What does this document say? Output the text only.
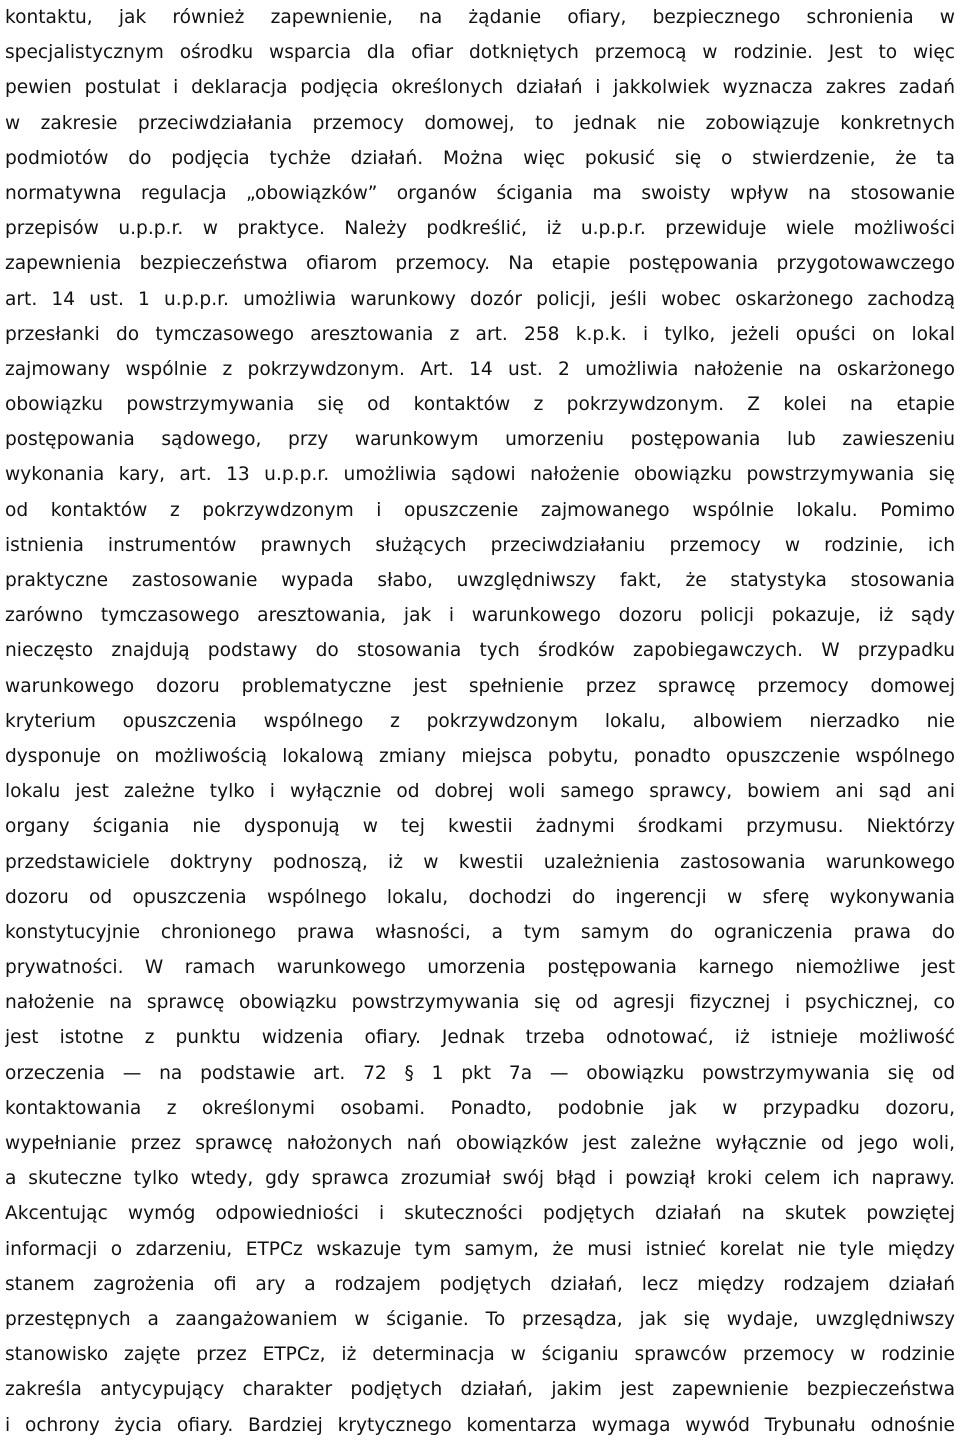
kontaktu, jak również zapewnienie, na żądanie ofiary, bezpiecznego schronienia w
specjalistycznym ośrodku wsparcia dla ofiar dotkniętych przemocą w rodzinie. Jest to więc
pewien postulat i deklaracja podjęcia określonych działań i jakkolwiek wyznacza zakres zadań
w zakresie przeciwdziałania przemocy domowej, to jednak nie zobowiązuje konkretnych
podmiotów do podjęcia tychże działań. Można więc pokusić się o stwierdzenie, że ta
normatywna regulacja „obowiązków” organów ścigania ma swoisty wpływ na stosowanie
przepisów u.p.p.r. w praktyce. Należy podkreślić, iż u.p.p.r. przewiduje wiele możliwości
zapewnienia bezpieczeństwa ofiarom przemocy. Na etapie postępowania przygotowawczego
art. 14 ust. 1 u.p.p.r. umożliwia warunkowy dozór policji, jeśli wobec oskarżonego zachodzą
przesłanki do tymczasowego aresztowania z art. 258 k.p.k. i tylko, jeżeli opuści on lokal
zajmowany wspólnie z pokrzywdzonym. Art. 14 ust. 2 umożliwia nałożenie na oskarżonego
obowiązku powstrzymywania się od kontaktów z pokrzywdzonym. Z kolei na etapie
postępowania sądowego, przy warunkowym umorzeniu postępowania lub zawieszeniu
wykonania kary, art. 13 u.p.p.r. umożliwia sądowi nałożenie obowiązku powstrzymywania się
od kontaktów z pokrzywdzonym i opuszczenie zajmowanego wspólnie lokalu. Pomimo
istnienia instrumentów prawnych służących przeciwdziałaniu przemocy w rodzinie, ich
praktyczne zastosowanie wypada słabo, uwzględniwszy fakt, że statystyka stosowania
zarówno tymczasowego aresztowania, jak i warunkowego dozoru policji pokazuje, iż sądy
nieczęsto znajdują podstawy do stosowania tych środków zapobiegawczych. W przypadku
warunkowego dozoru problematyczne jest spełnienie przez sprawcę przemocy domowej
kryterium opuszczenia wspólnego z pokrzywdzonym lokalu, albowiem nierzadko nie
dysponuje on możliwością lokalową zmiany miejsca pobytu, ponadto opuszczenie wspólnego
lokalu jest zależne tylko i wyłącznie od dobrej woli samego sprawcy, bowiem ani sąd ani
organy ścigania nie dysponują w tej kwestii żadnymi środkami przymusu. Niektórzy
przedstawiciele doktryny podnoszą, iż w kwestii uzależnienia zastosowania warunkowego
dozoru od opuszczenia wspólnego lokalu, dochodzi do ingerencji w sferę wykonywania
konstytucyjnie chronionego prawa własności, a tym samym do ograniczenia prawa do
prywatności. W ramach warunkowego umorzenia postępowania karnego niemożliwe jest
nałożenie na sprawcę obowiązku powstrzymywania się od agresji fizycznej i psychicznej, co
jest istotne z punktu widzenia ofiary. Jednak trzeba odnotować, iż istnieje możliwość
orzeczenia — na podstawie art. 72 § 1 pkt 7a — obowiązku powstrzymywania się od
kontaktowania z określonymi osobami. Ponadto, podobnie jak w przypadku dozoru,
wypełnianie przez sprawcę nałożonych nań obowiązków jest zależne wyłącznie od jego woli,
a skuteczne tylko wtedy, gdy sprawca zrozumiał swój błąd i powziął kroki celem ich naprawy.
Akcentując wymóg odpowiedniości i skuteczności podjętych działań na skutek powziętej
informacji o zdarzeniu, ETPCz wskazuje tym samym, że musi istnieć korelat nie tyle między
stanem zagrożenia ofi ary a rodzajem podjętych działań, lecz między rodzajem działań
przestępnych a zaangażowaniem w ściganie. To przesądza, jak się wydaje, uwzględniwszy
stanowisko zajęte przez ETPCz, iż determinacja w ściganiu sprawców przemocy w rodzinie
zakreśla antycypujący charakter podjętych działań, jakim jest zapewnienie bezpieczeństwa
i ochrony życia ofiary. Bardziej krytycznego komentarza wymaga wywód Trybunału odnośnie
